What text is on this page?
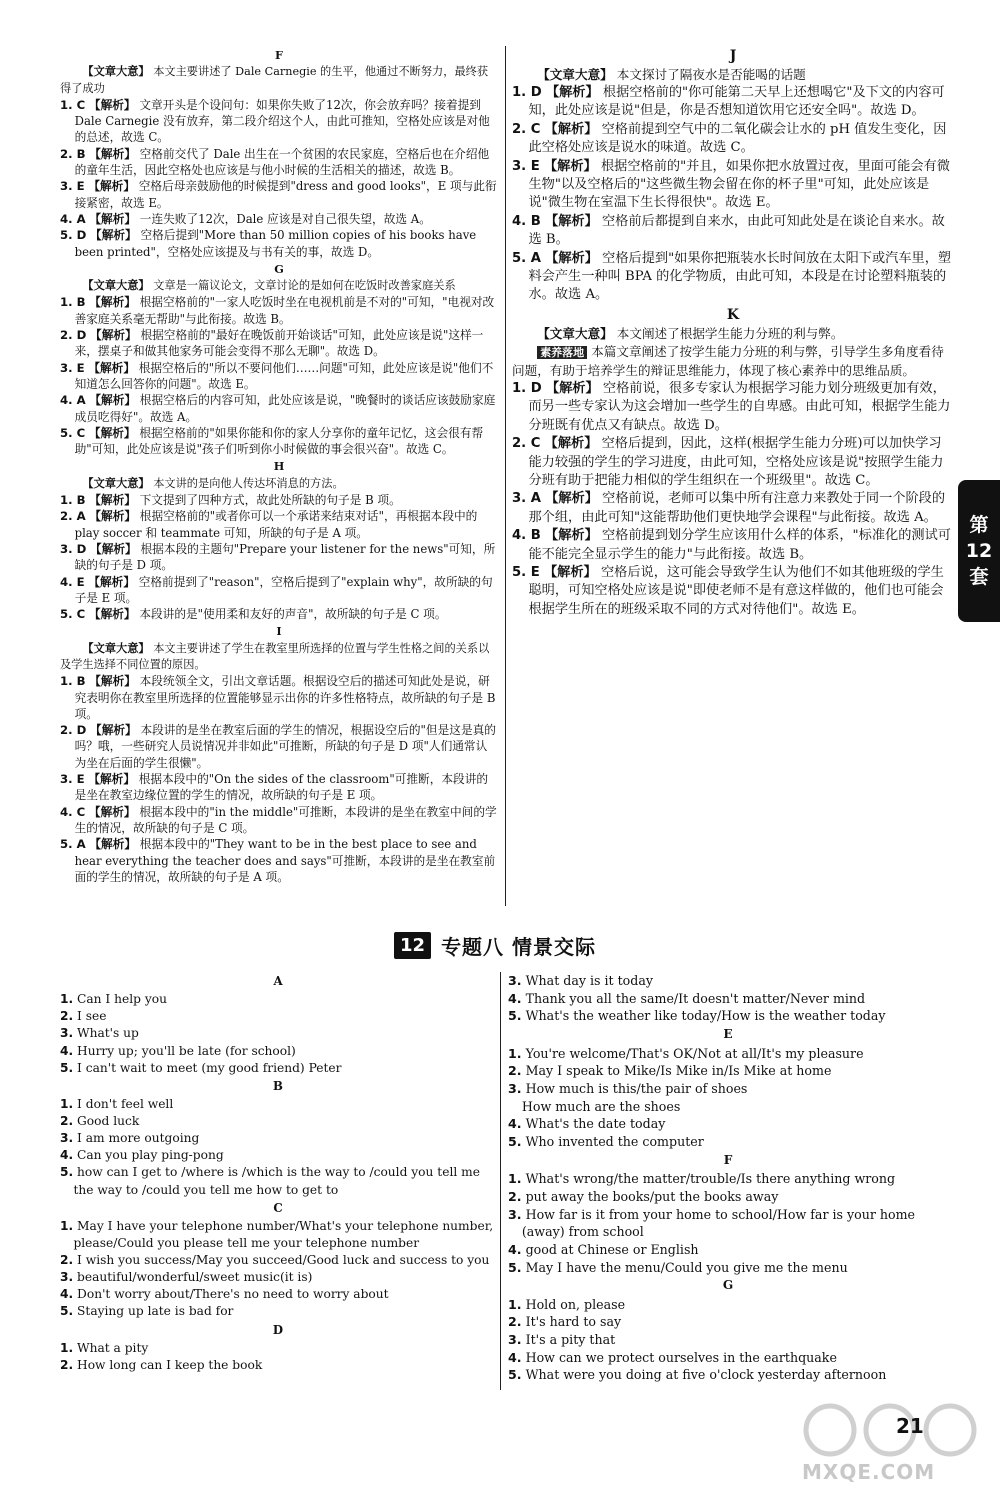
F
【文章大意】 本文主要讲述了 Dale Carnegie 的生平，他通过不断努力，最终获得了成功
1. C 【解析】 文章开头是个设问句：如果你失败了12次，你会放弃吗？接着提到 Dale Carnegie 没有放弃，第二段介绍这个人，由此可推知，空格处应该是对他的总述，故选 C。
2. B 【解析】 空格前交代了 Dale 出生在一个贫困的农民家庭，空格后也在介绍他的童年生活，因此空格处也应该是与他小时候的生活相关的描述，故选 B。
3. E 【解析】 空格后母亲鼓励他的时候提到"dress and good looks"，E 项与此衔接紧密，故选 E。
4. A 【解析】 一连失败了12次，Dale 应该是对自己很失望，故选 A。
5. D 【解析】 空格后提到"More than 50 million copies of his books have been printed"，空格处应该提及与书有关的事，故选 D。
G
【文章大意】 文章是一篇议论文，文章讨论的是如何在吃饭时改善家庭关系
1. B 【解析】 根据空格前的"一家人吃饭时坐在电视机前是不对的"可知，"电视对改善家庭关系毫无帮助"与此衔接。故选 B。
2. D 【解析】 根据空格前的"最好在晚饭前开始谈话"可知，此处应该是说"这样一来，摆桌子和做其他家务可能会变得不那么无聊"。故选 D。
3. E 【解析】 根据空格后的"所以不要问他们……问题"可知，此处应该是说"他们不知道怎么回答你的问题"。故选 E。
4. A 【解析】 根据空格后的内容可知，此处应该是说，"晚餐时的谈话应该鼓励家庭成员吃得好"。故选 A。
5. C 【解析】 根据空格前的"如果你能和你的家人分享你的童年记忆，这会很有帮助"可知，此处应该是说"孩子们听到你小时候做的事会很兴奋"。故选 C。
H
【文章大意】 本文讲的是向他人传达坏消息的方法。
1. B 【解析】 下文提到了四种方式，故此处所缺的句子是 B 项。
2. A 【解析】 根据空格前的"或者你可以一个承诺来结束对话"，再根据本段中的 play soccer 和 teammate 可知，所缺的句子是 A 项。
3. D 【解析】 根据本段的主题句"Prepare your listener for the news"可知，所缺的句子是 D 项。
4. E 【解析】 空格前提到了"reason"，空格后提到了"explain why"，故所缺的句子是 E 项。
5. C 【解析】 本段讲的是"使用柔和友好的声音"，故所缺的句子是 C 项。
I
【文章大意】 本文主要讲述了学生在教室里所选择的位置与学生性格之间的关系以及学生选择不同位置的原因。
1. B 【解析】 本段统领全文，引出文章话题。根据设空后的描述可知此处是说，研究表明你在教室里所选择的位置能够显示出你的许多性格特点，故所缺的句子是 B 项。
2. D 【解析】 本段讲的是坐在教室后面的学生的情况，根据设空后的"但是这是真的吗？哦，一些研究人员说情况并非如此"可推断，所缺的句子是 D 项"人们通常认为坐在后面的学生很懒"。
3. E 【解析】 根据本段中的"On the sides of the classroom"可推断，本段讲的是坐在教室边缘位置的学生的情况，故所缺的句子是 E 项。
4. C 【解析】 根据本段中的"in the middle"可推断，本段讲的是坐在教室中间的学生的情况，故所缺的句子是 C 项。
5. A 【解析】 根据本段中的"They want to be in the best place to see and hear everything the teacher does and says"可推断，本段讲的是坐在教室前面的学生的情况，故所缺的句子是 A 项。
J
【文章大意】 本文探讨了隔夜水是否能喝的话题
1. D 【解析】 根据空格前的"你可能第二天早上还想喝它"及下文的内容可知，此处应该是说"但是，你是否想知道饮用它还安全吗"。故选 D。
2. C 【解析】 空格前提到空气中的二氧化碳会让水的 pH 值发生变化，因此空格处应该是说水的味道。故选 C。
3. E 【解析】 根据空格前的"并且，如果你把水放置过夜，里面可能会有微生物"以及空格后的"这些微生物会留在你的杯子里"可知，此处应该是说"微生物在室温下生长得很快"。故选 E。
4. B 【解析】 空格前后都提到自来水，由此可知此处是在谈论自来水。故选 B。
5. A 【解析】 空格后提到"如果你把瓶装水长时间放在太阳下或汽车里，塑料会产生一种叫 BPA 的化学物质，由此可知，本段是在讨论塑料瓶装的水。故选 A。
K
【文章大意】 本文阐述了根据学生能力分班的利与弊。
素养落地 本篇文章阐述了按学生能力分班的利与弊，引导学生多角度看待问题，有助于培养学生的辩证思维能力，体现了核心素养中的思维品质。
1. D 【解析】 空格前说，很多专家认为根据学习能力划分班级更加有效，而另一些专家认为这会增加一些学生的自卑感。由此可知，根据学生能力分班既有优点又有缺点。故选 D。
2. C 【解析】 空格后提到，因此，这样(根据学生能力分班)可以加快学习能力较强的学生的学习进度，由此可知，空格处应该是说"按照学生能力分班有助于把能力相似的学生组织在一个班级里"。故选 C。
3. A 【解析】 空格前说，老师可以集中所有注意力来教处于同一个阶段的那个组，由此可知"这能帮助他们更快地学会课程"与此衔接。故选 A。
4. B 【解析】 空格前提到划分学生应该用什么样的体系，"标准化的测试可能不能完全显示学生的能力"与此衔接。故选 B。
5. E 【解析】 空格后说，这可能会导致学生认为他们不如其他班级的学生聪明，可知空格处应该是说"即使老师不是有意这样做的，他们也可能会根据学生所在的班级采取不同的方式对待他们"。故选 E。
12 专题八 情景交际
A
1. Can I help you
2. I see
3. What's up
4. Hurry up; you'll be late (for school)
5. I can't wait to meet (my good friend) Peter
B
1. I don't feel well
2. Good luck
3. I am more outgoing
4. Can you play ping-pong
5. how can I get to /where is /which is the way to /could you tell me the way to /could you tell me how to get to
C
1. May I have your telephone number/What's your telephone number, please/Could you please tell me your telephone number
2. I wish you success/May you succeed/Good luck and success to you
3. beautiful/wonderful/sweet music(it is)
4. Don't worry about/There's no need to worry about
5. Staying up late is bad for
D
1. What a pity
2. How long can I keep the book
3. What day is it today
4. Thank you all the same/It doesn't matter/Never mind
5. What's the weather like today/How is the weather today
E
1. You're welcome/That's OK/Not at all/It's my pleasure
2. May I speak to Mike/Is Mike in/Is Mike at home
3. How much is this/the pair of shoes
How much are the shoes
4. What's the date today
5. Who invented the computer
F
1. What's wrong/the matter/trouble/Is there anything wrong
2. put away the books/put the books away
3. How far is it from your home to school/How far is your home (away) from school
4. good at Chinese or English
5. May I have the menu/Could you give me the menu
G
1. Hold on, please
2. It's hard to say
3. It's a pity that
4. How can we protect ourselves in the earthquake
5. What were you doing at five o'clock yesterday afternoon
第
12
套
MXQE.COM
21
